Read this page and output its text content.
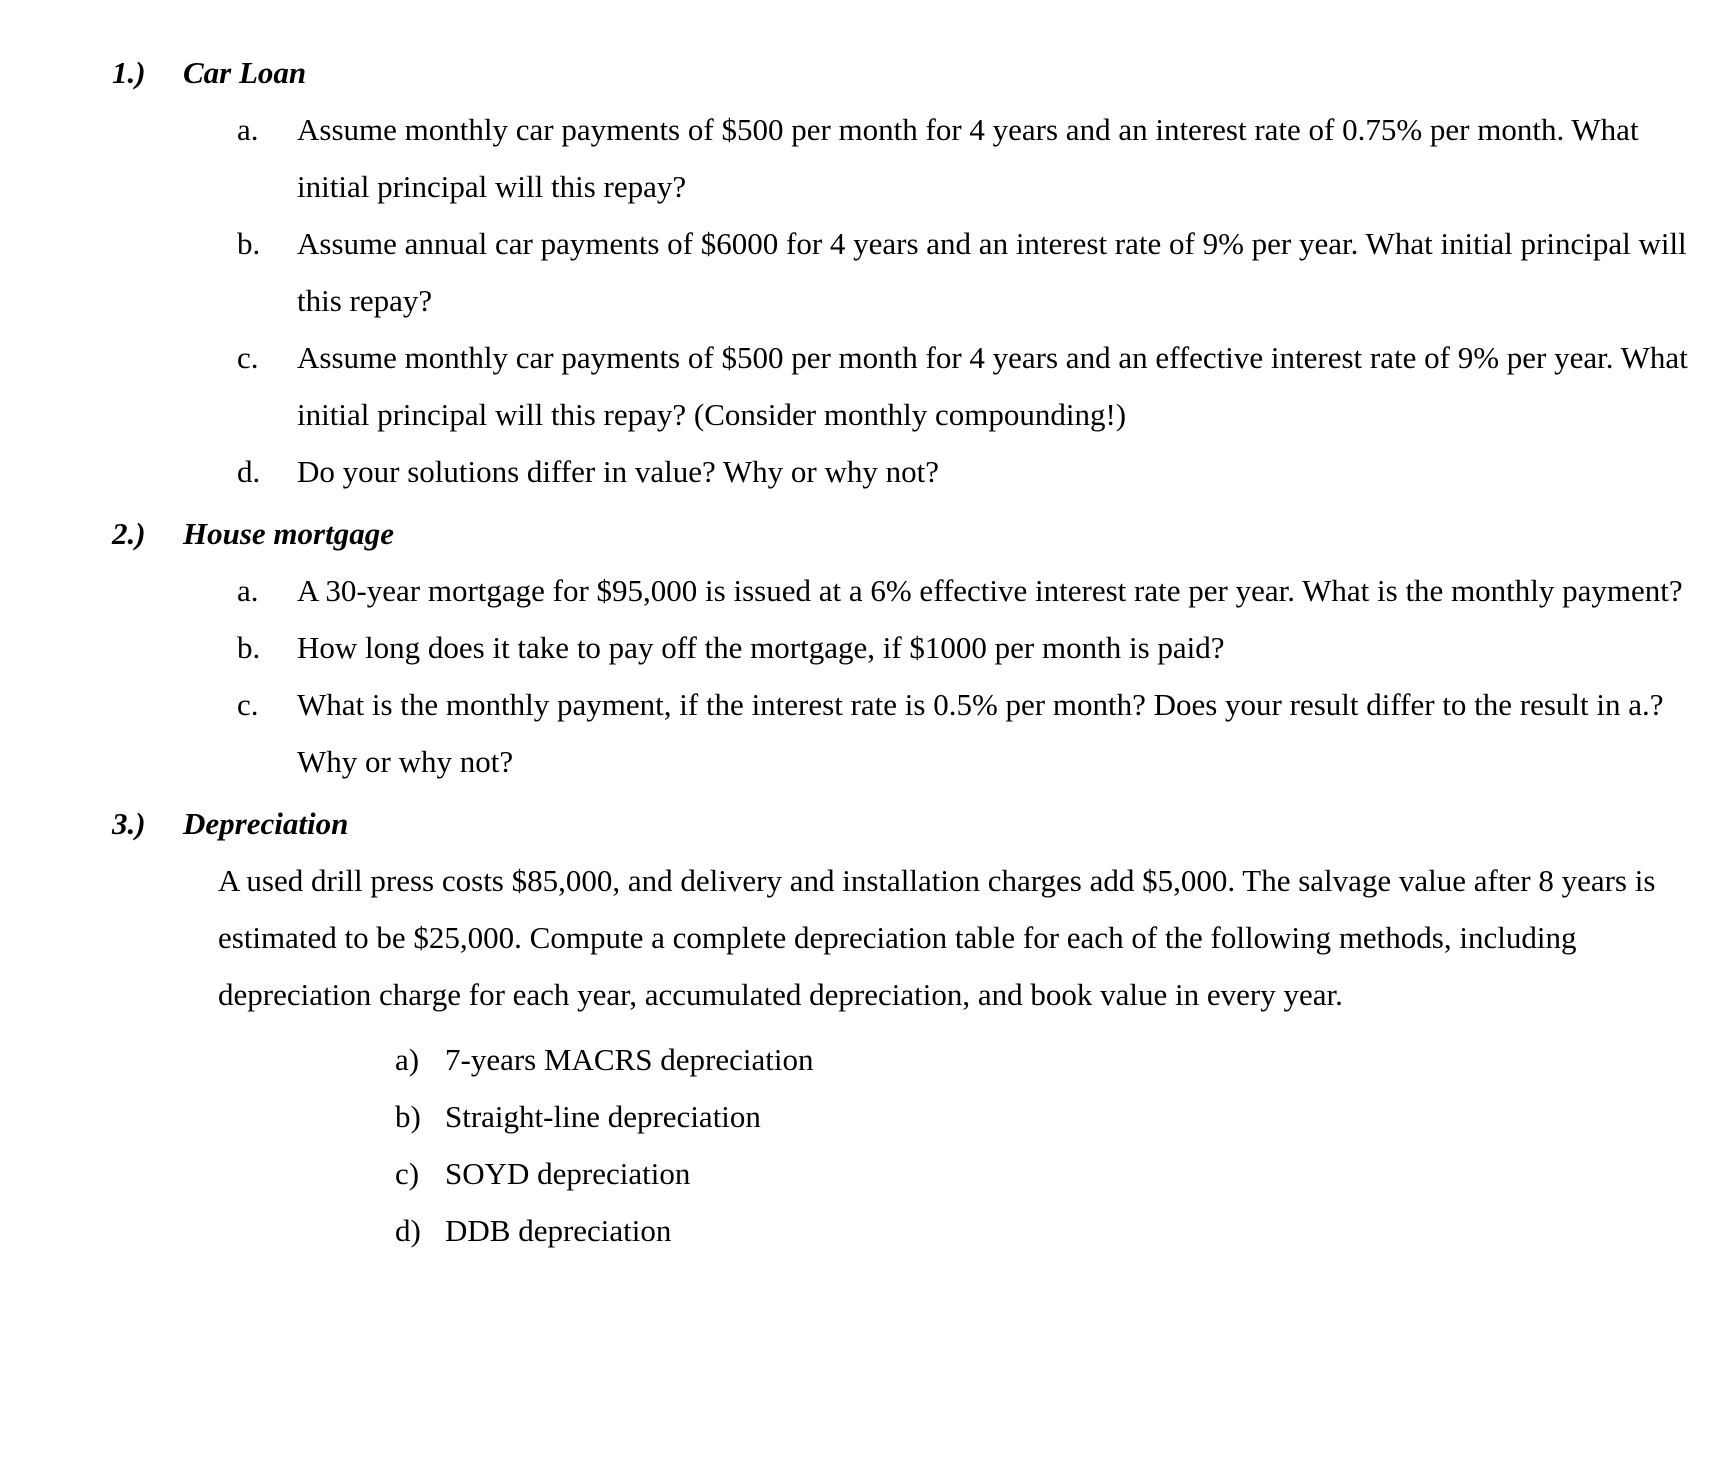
1.)	Car Loan
a.	Assume monthly car payments of $500 per month for 4 years and an interest rate of 0.75% per month. What initial principal will this repay?
b.	Assume annual car payments of $6000 for 4 years and an interest rate of 9% per year. What initial principal will this repay?
c.	Assume monthly car payments of $500 per month for 4 years and an effective interest rate of 9% per year. What initial principal will this repay? (Consider monthly compounding!)
d.	Do your solutions differ in value? Why or why not?
2.)	House mortgage
a.	A 30-year mortgage for $95,000 is issued at a 6% effective interest rate per year. What is the monthly payment?
b.	How long does it take to pay off the mortgage, if $1000 per month is paid?
c.	What is the monthly payment, if the interest rate is 0.5% per month? Does your result differ to the result in a.? Why or why not?
3.)	Depreciation
A used drill press costs $85,000, and delivery and installation charges add $5,000. The salvage value after 8 years is estimated to be $25,000. Compute a complete depreciation table for each of the following methods, including depreciation charge for each year, accumulated depreciation, and book value in every year.
a) 7-years MACRS depreciation
b) Straight-line depreciation
c) SOYD depreciation
d) DDB depreciation
